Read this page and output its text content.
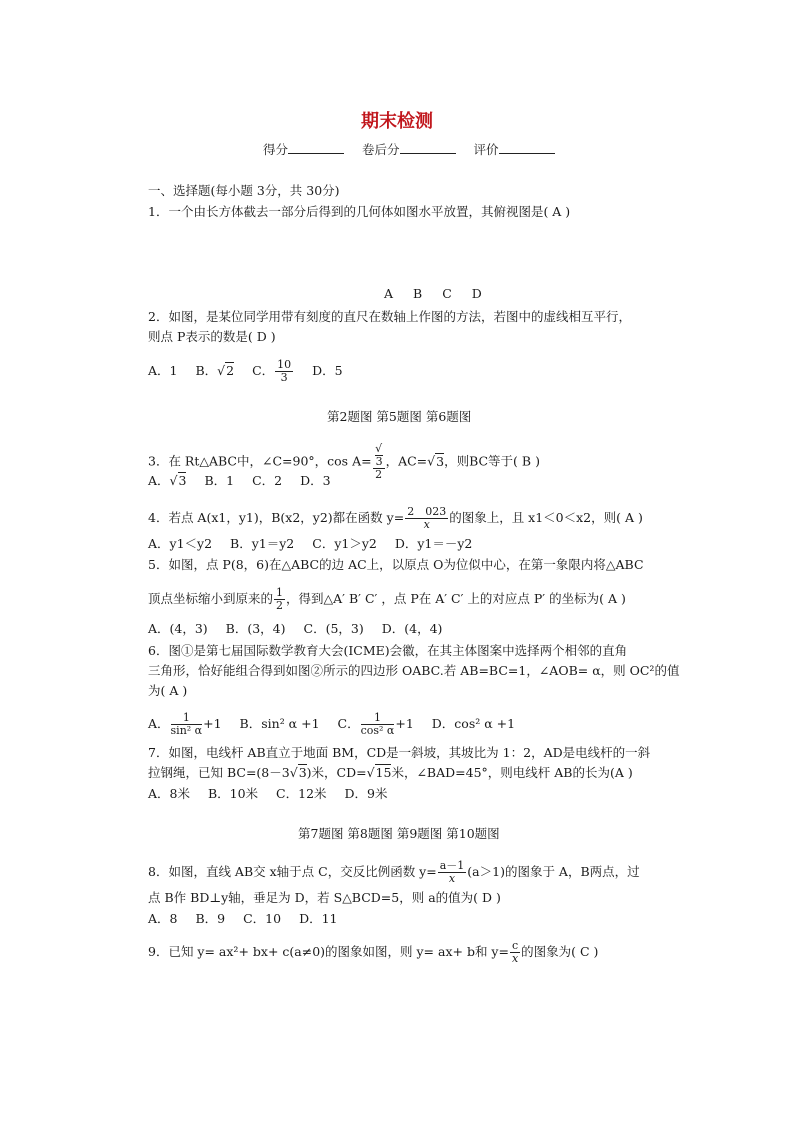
期末检测
得分	卷后分	评价
一、选择题(每小题 3分，共 30分)
1．一个由长方体截去一部分后得到的几何体如图水平放置，其俯视图是( A )
A B C D
2．如图，是某位同学用带有刻度的直尺在数轴上作图的方法，若图中的虚线相互平行，
则点 P表示的数是( D )
A．1 B．√2 C． $\frac{10}{3}$ D．5
第2题图 第5题图 第6题图
3．在 Rt△ABC中，∠C=90°，cos A= √
3
2 ，AC=√3，则BC等于( B )
A．√3 B．1 C．2 D．3
4．若点 A(x1，y1)，B(x2，y2)都在函数 $y= \frac{2 023}{x}$ 的图象上，且 x1＜0＜x2，则( A )
A．y1＜y2 B．y1＝y2 C．y1＞y2 D．y1＝－y2
5．如图，点 P(8，6)在△ABC的边 AC上，以原点 O为位似中心，在第一象限内将△ABC
顶点坐标缩小到原来的 $\frac{1}{2}$ ，得到△A′ B′ C′ ，点 P在 A′ C′ 上的对应点 P′ 的坐标为( A )
A．(4，3) B．(3，4) C．(5，3) D．(4，4)
6．图①是第七届国际数学教育大会(ICME)会徽，在其主体图案中选择两个相邻的直角
三角形，恰好能组合得到如图②所示的四边形 OABC.若 AB=BC=1，∠AOB= α，则 OC²的值
为( A )
A． $\frac{1}{\text{sin² α}} +1$ B．sin² α +1 C． $\frac{1}{\text{cos² α}} +1$ D．cos² α +1
7．如图，电线杆 AB直立于地面 BM，CD是一斜坡，其坡比为 1：2，AD是电线杆的一斜
拉钢绳，已知 BC=(8－3√3)米，CD=√15米，∠BAD=45°，则电线杆 AB的长为(A )
A．8米 B．10米 C．12米 D．9米
第7题图 第8题图 第9题图 第10题图
8．如图，直线 AB交 x轴于点 C，交反比例函数 $y= \frac{a-1}{x} (a>1)$的图象于 A，B两点，过
点 B作 BD⊥y轴，垂足为 D，若 S△BCD=5，则 a的值为( D )
A．8 B．9 C．10 D．11
9．已知 y= ax²+ bx+ c(a≠0)的图象如图，则 y= ax+ b和 $y= \frac{c}{x}$ 的图象为( C )
